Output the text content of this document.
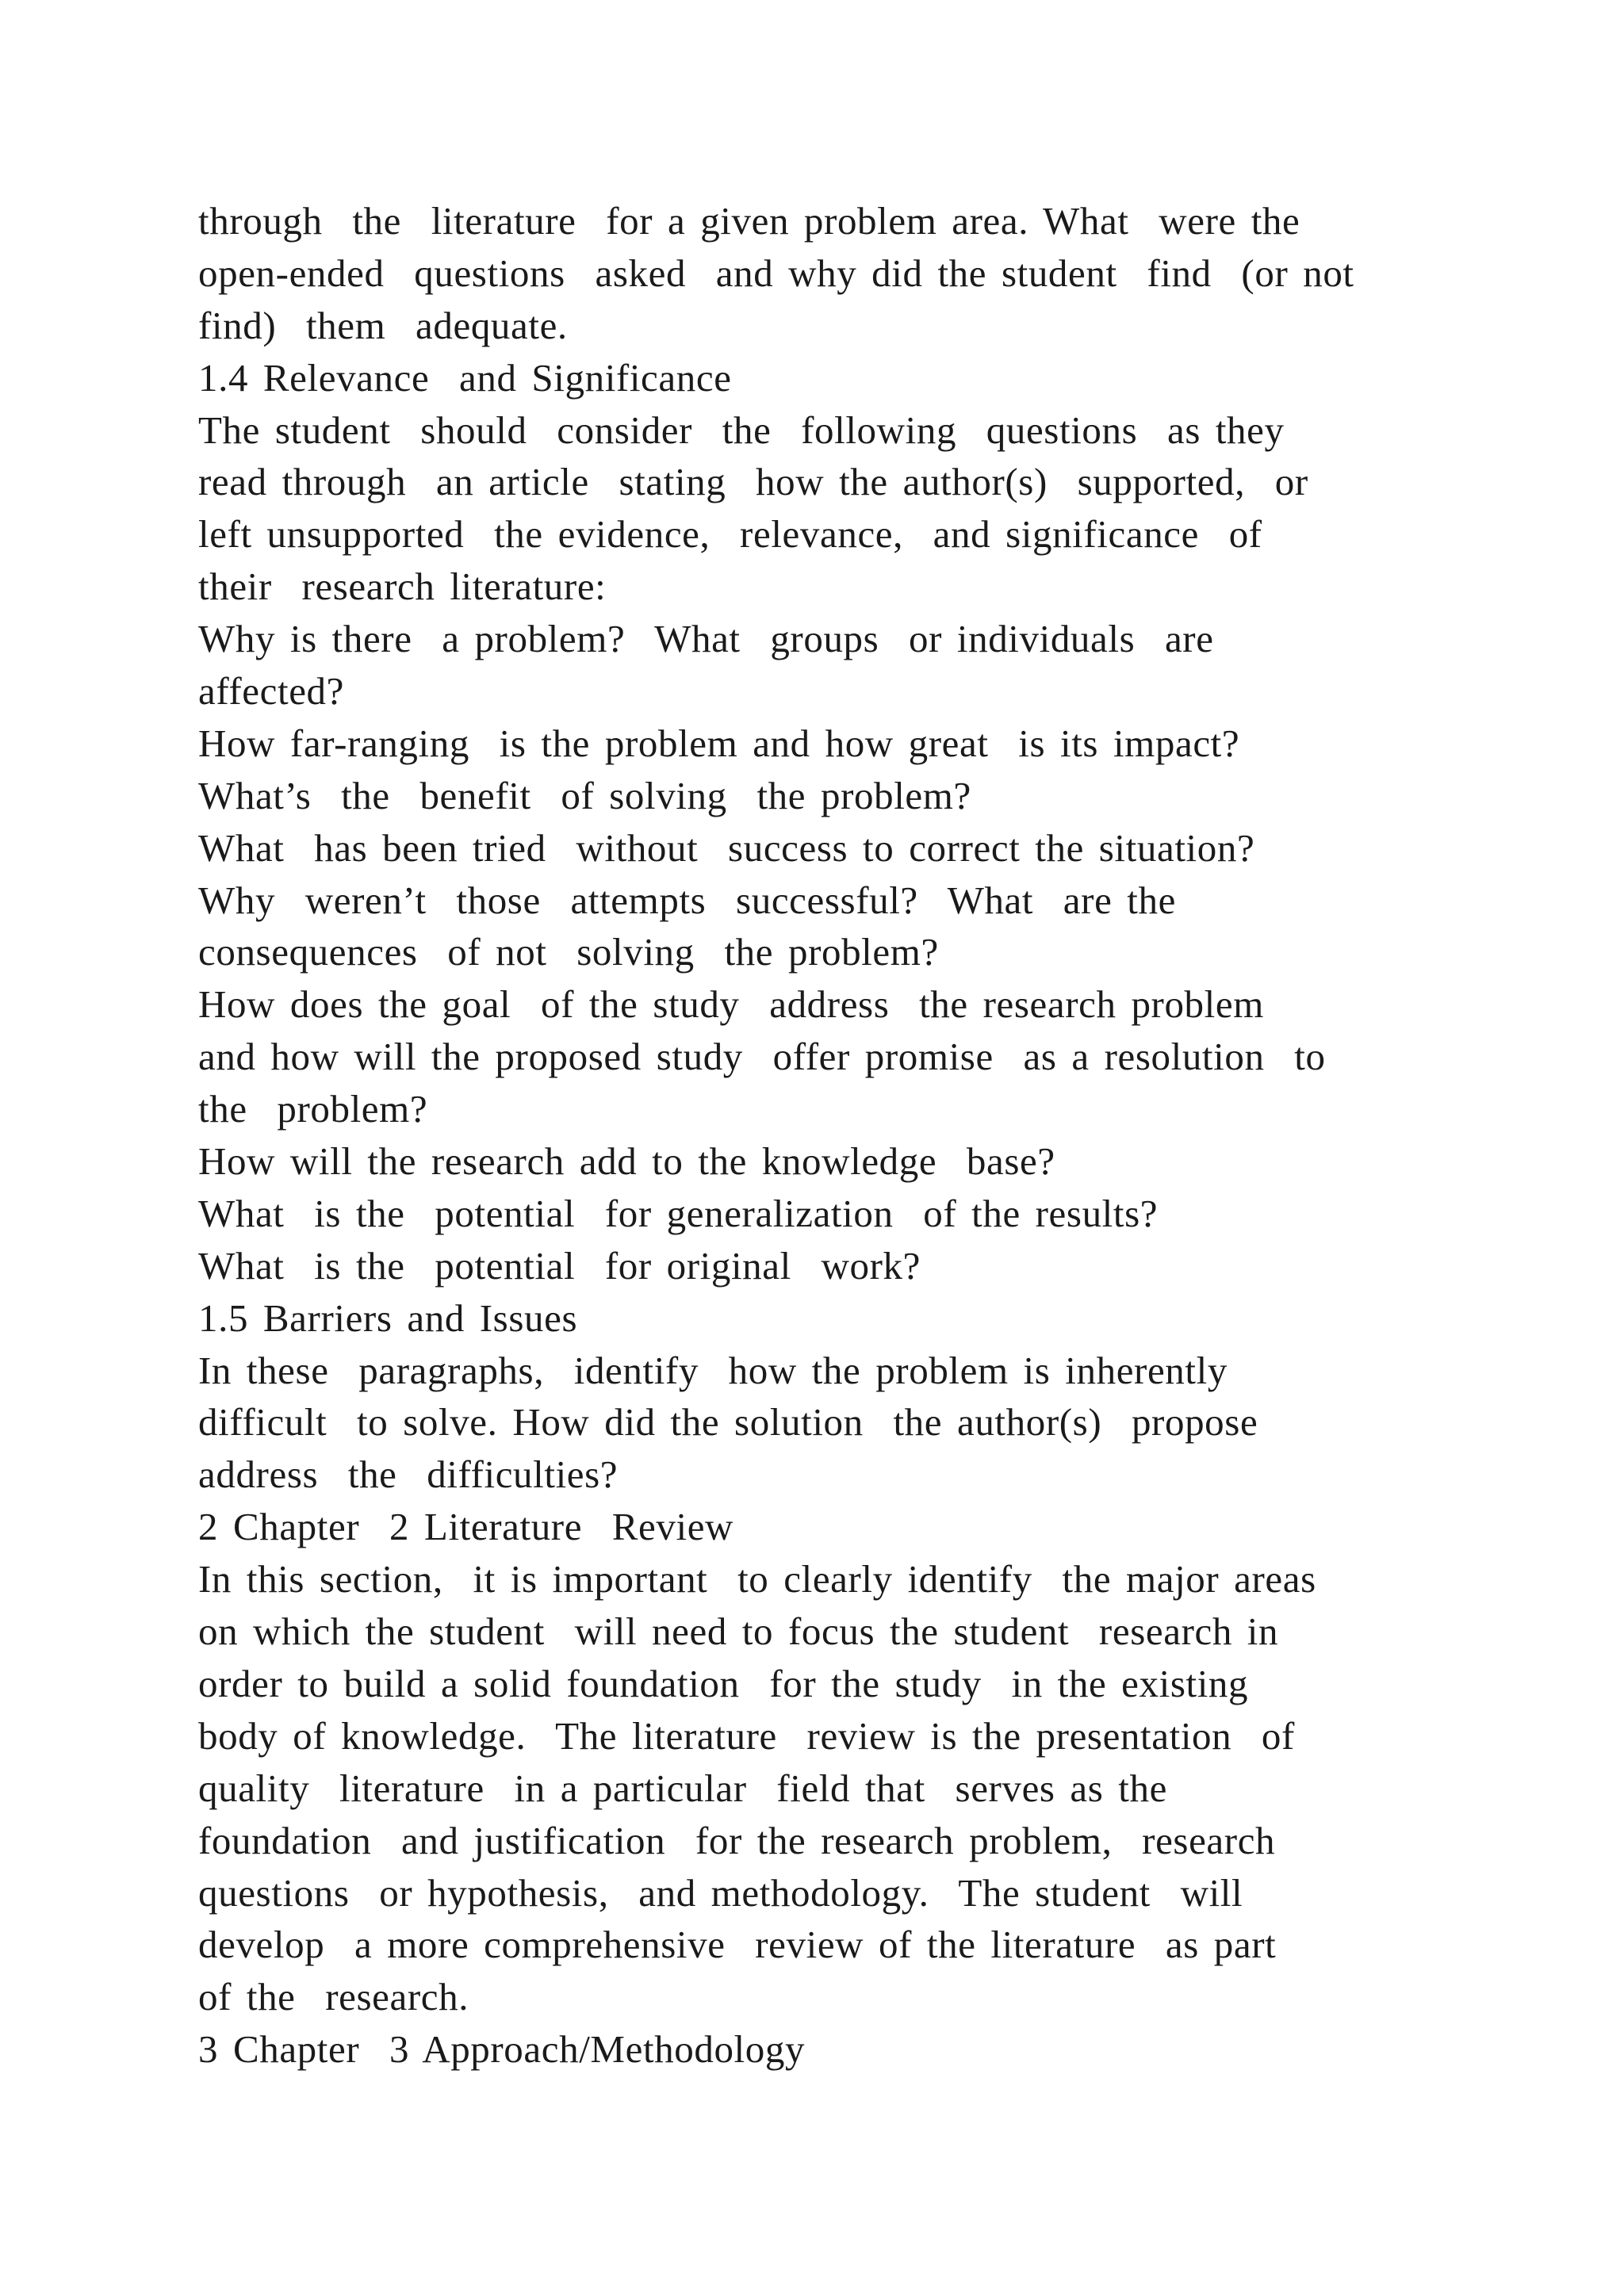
through  the  literature  for a given problem area. What  were the
open-ended  questions  asked  and why did the student  find  (or not
find)  them  adequate.
1.4 Relevance  and Significance
The student  should  consider  the  following  questions  as they
read through  an article  stating  how the author(s)  supported,  or
left unsupported  the evidence,  relevance,  and significance  of
their  research literature:
Why is there  a problem?  What  groups  or individuals  are
affected?
How far-ranging  is the problem and how great  is its impact?
What’s  the  benefit  of solving  the problem?
What  has been tried  without  success to correct the situation?
Why  weren’t  those  attempts  successful?  What  are the
consequences  of not  solving  the problem?
How does the goal  of the study  address  the research problem
and how will the proposed study  offer promise  as a resolution  to
the  problem?
How will the research add to the knowledge  base?
What  is the  potential  for generalization  of the results?
What  is the  potential  for original  work?
1.5 Barriers and Issues
In these  paragraphs,  identify  how the problem is inherently
difficult  to solve. How did the solution  the author(s)  propose
address  the  difficulties?
2 Chapter  2 Literature  Review
In this section,  it is important  to clearly identify  the major areas
on which the student  will need to focus the student  research in
order to build a solid foundation  for the study  in the existing
body of knowledge.  The literature  review is the presentation  of
quality  literature  in a particular  field that  serves as the
foundation  and justification  for the research problem,  research
questions  or hypothesis,  and methodology.  The student  will
develop  a more comprehensive  review of the literature  as part
of the  research.
3 Chapter  3 Approach/Methodology
